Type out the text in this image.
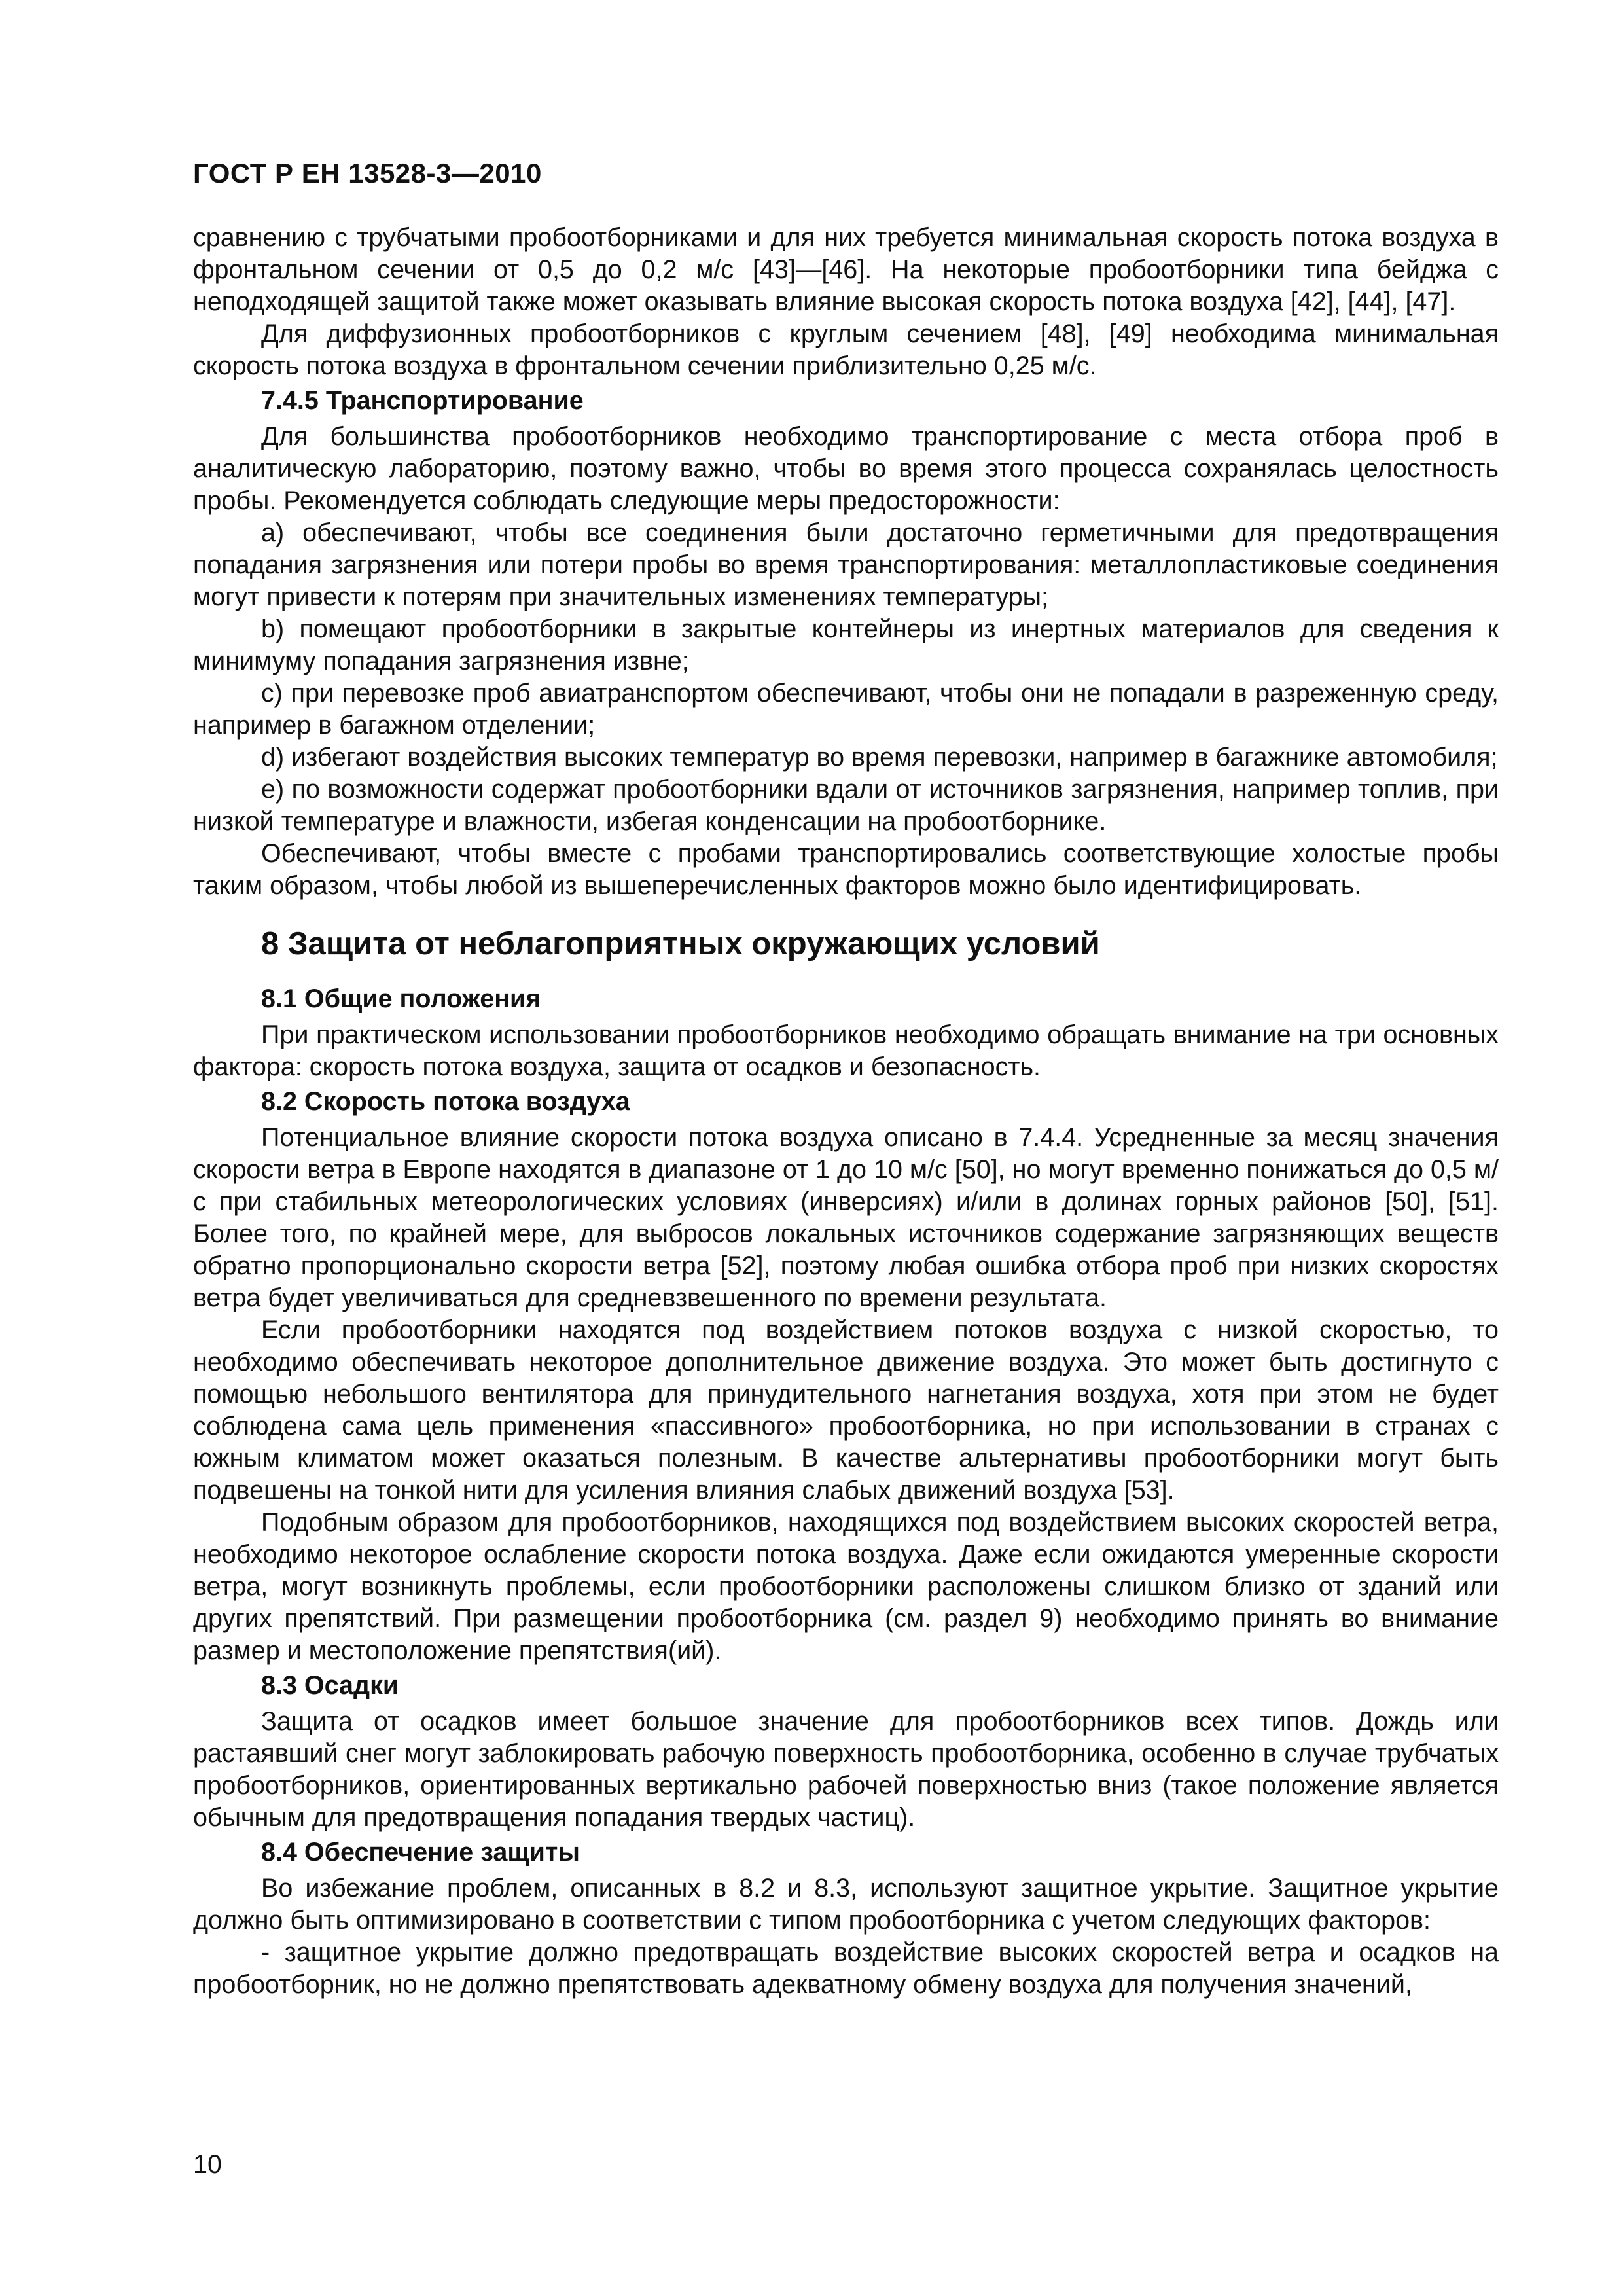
ГОСТ Р ЕН 13528-3—2010

сравнению с трубчатыми пробоотборниками и для них требуется минимальная скорость потока воздуха в фронтальном сечении от 0,5 до 0,2 м/с [43]—[46]. На некоторые пробоотборники типа бейджа с неподходящей защитой также может оказывать влияние высокая скорость потока воздуха [42], [44], [47].

Для диффузионных пробоотборников с круглым сечением [48], [49] необходима минимальная скорость потока воздуха в фронтальном сечении приблизительно 0,25 м/с.

7.4.5 Транспортирование

Для большинства пробоотборников необходимо транспортирование с места отбора проб в аналитическую лабораторию, поэтому важно, чтобы во время этого процесса сохранялась целостность пробы. Рекомендуется соблюдать следующие меры предосторожности:

a) обеспечивают, чтобы все соединения были достаточно герметичными для предотвращения попадания загрязнения или потери пробы во время транспортирования: металлопластиковые соединения могут привести к потерям при значительных изменениях температуры;

b) помещают пробоотборники в закрытые контейнеры из инертных материалов для сведения к минимуму попадания загрязнения извне;

c) при перевозке проб авиатранспортом обеспечивают, чтобы они не попадали в разреженную среду, например в багажном отделении;

d) избегают воздействия высоких температур во время перевозки, например в багажнике автомобиля;

e) по возможности содержат пробоотборники вдали от источников загрязнения, например топлив, при низкой температуре и влажности, избегая конденсации на пробоотборнике.

Обеспечивают, чтобы вместе с пробами транспортировались соответствующие холостые пробы таким образом, чтобы любой из вышеперечисленных факторов можно было идентифицировать.

8 Защита от неблагоприятных окружающих условий
8.1 Общие положения

При практическом использовании пробоотборников необходимо обращать внимание на три основных фактора: скорость потока воздуха, защита от осадков и безопасность.

8.2 Скорость потока воздуха

Потенциальное влияние скорости потока воздуха описано в 7.4.4. Усредненные за месяц значения скорости ветра в Европе находятся в диапазоне от 1 до 10 м/с [50], но могут временно понижаться до 0,5 м/с при стабильных метеорологических условиях (инверсиях) и/или в долинах горных районов [50], [51]. Более того, по крайней мере, для выбросов локальных источников содержание загрязняющих веществ обратно пропорционально скорости ветра [52], поэтому любая ошибка отбора проб при низких скоростях ветра будет увеличиваться для средневзвешенного по времени результата.

Если пробоотборники находятся под воздействием потоков воздуха с низкой скоростью, то необходимо обеспечивать некоторое дополнительное движение воздуха. Это может быть достигнуто с помощью небольшого вентилятора для принудительного нагнетания воздуха, хотя при этом не будет соблюдена сама цель применения «пассивного» пробоотборника, но при использовании в странах с южным климатом может оказаться полезным. В качестве альтернативы пробоотборники могут быть подвешены на тонкой нити для усиления влияния слабых движений воздуха [53].

Подобным образом для пробоотборников, находящихся под воздействием высоких скоростей ветра, необходимо некоторое ослабление скорости потока воздуха. Даже если ожидаются умеренные скорости ветра, могут возникнуть проблемы, если пробоотборники расположены слишком близко от зданий или других препятствий. При размещении пробоотборника (см. раздел 9) необходимо принять во внимание размер и местоположение препятствия(ий).

8.3 Осадки

Защита от осадков имеет большое значение для пробоотборников всех типов. Дождь или растаявший снег могут заблокировать рабочую поверхность пробоотборника, особенно в случае трубчатых пробоотборников, ориентированных вертикально рабочей поверхностью вниз (такое положение является обычным для предотвращения попадания твердых частиц).

8.4 Обеспечение защиты

Во избежание проблем, описанных в 8.2 и 8.3, используют защитное укрытие. Защитное укрытие должно быть оптимизировано в соответствии с типом пробоотборника с учетом следующих факторов:

- защитное укрытие должно предотвращать воздействие высоких скоростей ветра и осадков на пробоотборник, но не должно препятствовать адекватному обмену воздуха для получения значений,

10
